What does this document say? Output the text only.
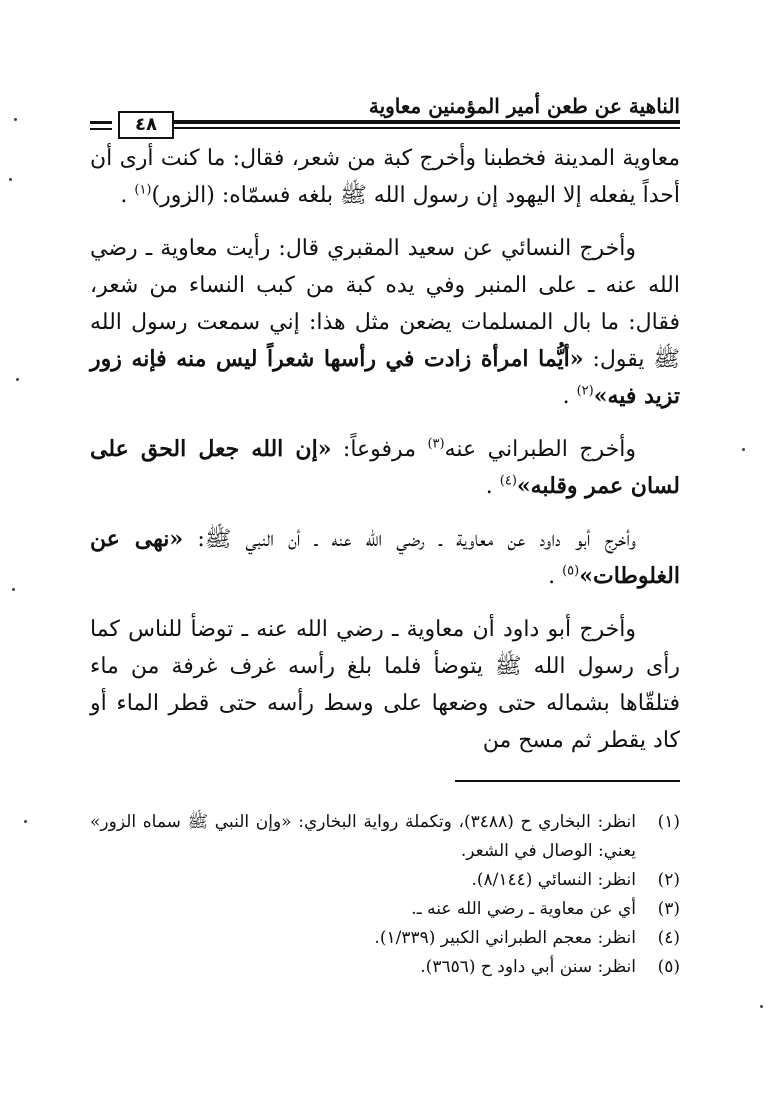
الناهية عن طعن أمير المؤمنين معاوية
٤٨

معاوية المدينة فخطبنا وأخرج كبة من شعر، فقال: ما كنت أرى أن أحداً يفعله إلا اليهود إن رسول الله ﷺ بلغه فسمّاه: (الزور)$^{(١)}$ .

وأخرج النسائي عن سعيد المقبري قال: رأيت معاوية ـ رضي الله عنه ـ على المنبر وفي يده كبة من كبب النساء من شعر، فقال: ما بال المسلمات يضعن مثل هذا: إني سمعت رسول الله ﷺ يقول: «أيُّما امرأة زادت في رأسها شعراً ليس منه فإنه زور تزيد فيه»$^{(٢)}$ .

وأخرج الطبراني عنه$^{(٣)}$ مرفوعاً: «إن الله جعل الحق على لسان عمر وقلبه»$^{(٤)}$ .

وأخرج أبو داود عن معاوية ـ رضي الله عنه ـ أن النبي ﷺ: «نهى عن الغلوطات»$^{(٥)}$ .

وأخرج أبو داود أن معاوية ـ رضي الله عنه ـ توضأ للناس كما رأى رسول الله ﷺ يتوضأ فلما بلغ رأسه غرف غرفة من ماء فتلقّاها بشماله حتى وضعها على وسط رأسه حتى قطر الماء أو كاد يقطر ثم مسح من

(١)
انظر: البخاري ح (٣٤٨٨)، وتكملة رواية البخاري: «وإن النبي ﷺ سماه الزور» يعني: الوصال في الشعر.
(٢)
انظر: النسائي (٨/١٤٤).
(٣)
أي عن معاوية ـ رضي الله عنه ـ.
(٤)
انظر: معجم الطبراني الكبير (١/٣٣٩).
(٥)
انظر: سنن أبي داود ح (٣٦٥٦).
